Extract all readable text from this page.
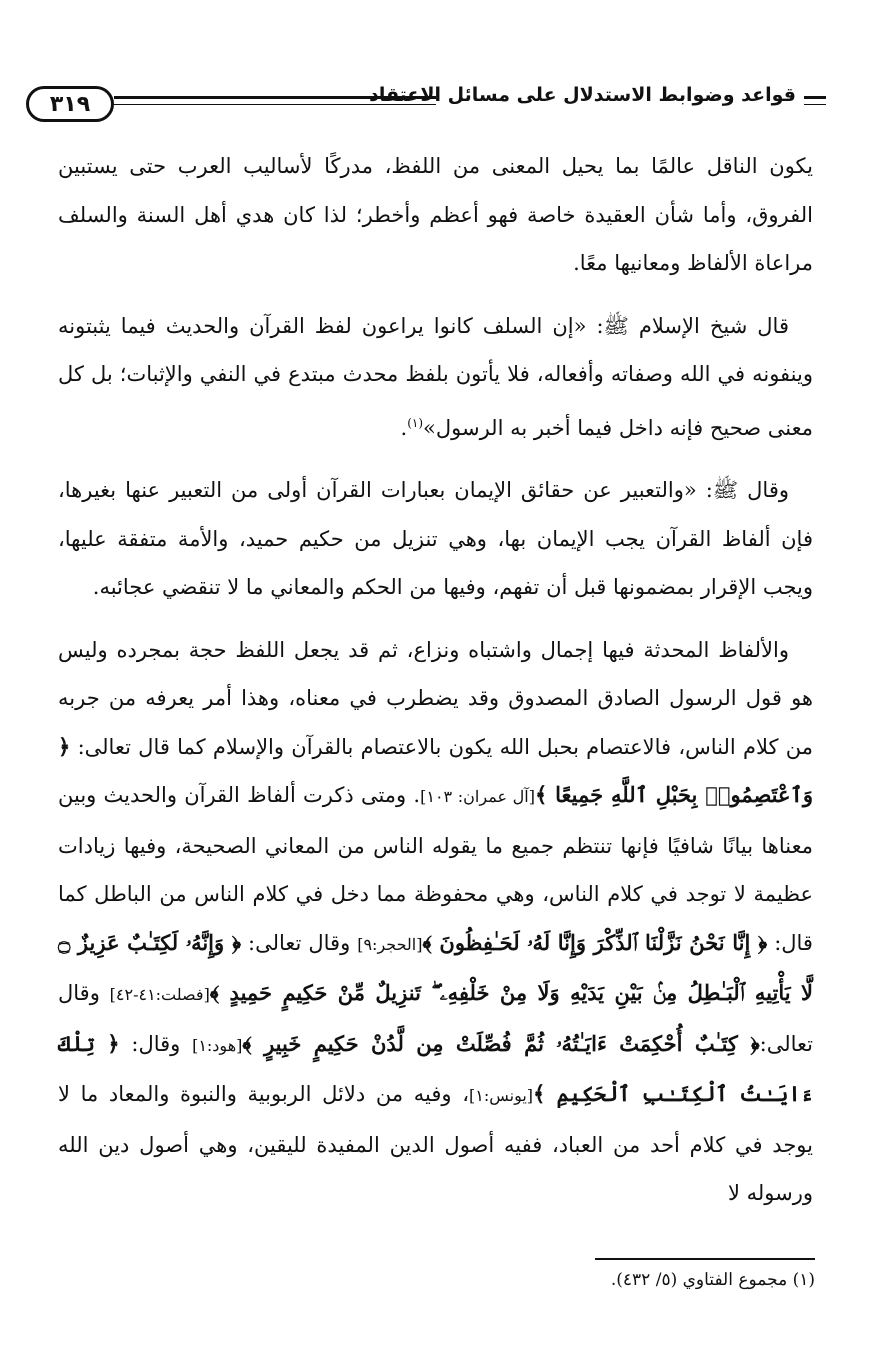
٣١٩	قواعد وضوابط الاستدلال على مسائل الاعتقاد

يكون الناقل عالمًا بما يحيل المعنى من اللفظ، مدركًا لأساليب العرب حتى يستبين الفروق، وأما شأن العقيدة خاصة فهو أعظم وأخطر؛ لذا كان هدي أهل السنة والسلف مراعاة الألفاظ ومعانيها معًا.

قال شيخ الإسلام ﷺ: «إن السلف كانوا يراعون لفظ القرآن والحديث فيما يثبتونه وينفونه في الله وصفاته وأفعاله، فلا يأتون بلفظ محدث مبتدع في النفي والإثبات؛ بل كل معنى صحيح فإنه داخل فيما أخبر به الرسول»$^{(١)}$.

وقال ﷺ: «والتعبير عن حقائق الإيمان بعبارات القرآن أولى من التعبير عنها بغيرها، فإن ألفاظ القرآن يجب الإيمان بها، وهي تنزيل من حكيم حميد، والأمة متفقة عليها، ويجب الإقرار بمضمونها قبل أن تفهم، وفيها من الحكم والمعاني ما لا تنقضي عجائبه.

والألفاظ المحدثة فيها إجمال واشتباه ونزاع، ثم قد يجعل اللفظ حجة بمجرده وليس هو قول الرسول الصادق المصدوق وقد يضطرب في معناه، وهذا أمر يعرفه من جربه من كلام الناس، فالاعتصام بحبل الله يكون بالاعتصام بالقرآن والإسلام كما قال تعالى: ﴿ وَٱعْتَصِمُوا۟ بِحَبْلِ ٱللَّهِ جَمِيعًا ﴾[آل عمران: ١٠٣]. ومتى ذكرت ألفاظ القرآن والحديث وبين معناها بيانًا شافيًا فإنها تنتظم جميع ما يقوله الناس من المعاني الصحيحة، وفيها زيادات عظيمة لا توجد في كلام الناس، وهي محفوظة مما دخل في كلام الناس من الباطل كما قال: ﴿ إِنَّا نَحْنُ نَزَّلْنَا ٱلذِّكْرَ وَإِنَّا لَهُۥ لَحَـٰفِظُونَ ﴾[الحجر:٩] وقال تعالى: ﴿ وَإِنَّهُۥ لَكِتَـٰبٌ عَزِيزٌ ۝ لَّا يَأْتِيهِ ٱلْبَـٰطِلُ مِنۢ بَيْنِ يَدَيْهِ وَلَا مِنْ خَلْفِهِۦ ۖ تَنزِيلٌ مِّنْ حَكِيمٍ حَمِيدٍ ﴾[فصلت:٤١-٤٢] وقال تعالى:﴿ كِتَـٰبٌ أُحْكِمَتْ ءَايَـٰتُهُۥ ثُمَّ فُصِّلَتْ مِن لَّدُنْ حَكِيمٍ خَبِيرٍ ﴾[هود:١] وقال: ﴿ تِلْكَ ءَايَـٰتُ ٱلْكِتَـٰبِ ٱلْحَكِيمِ ﴾[يونس:١]، وفيه من دلائل الربوبية والنبوة والمعاد ما لا يوجد في كلام أحد من العباد، ففيه أصول الدين المفيدة لليقين، وهي أصول دين الله ورسوله لا

(١) مجموع الفتاوي (٥/ ٤٣٢).
